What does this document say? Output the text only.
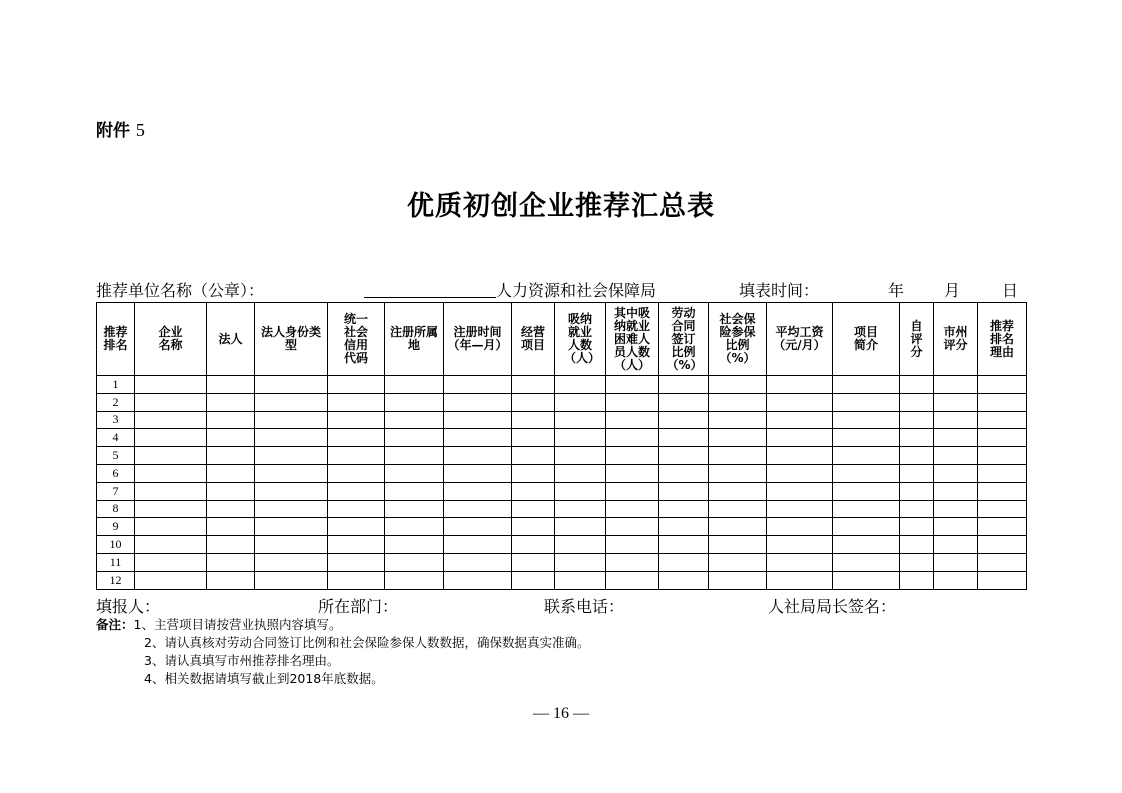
附件 5
优质初创企业推荐汇总表
推荐单位名称（公章）：	人力资源和社会保障局	填表时间：	年 月	日
推荐排名	企业名称	法人	法人身份类型	统一社会信用代码	注册所属地	注册时间（年—月）	经营项目	吸纳就业人数（人）	其中吸纳就业困难人员人数（人）	劳动合同签订比例（%）	社会保险参保比例（%）	平均工资（元/月）	项目简介	自评分	市州评分	推荐排名理由

1																
2																
3																
4																
5																
6																
7																
8																
9																
10																
11																
12																
填报人：	所在部门：	联系电话：	人社局局长签名：
备注：1、主营项目请按营业执照内容填写。
2、请认真核对劳动合同签订比例和社会保险参保人数数据，确保数据真实准确。
3、请认真填写市州推荐排名理由。
4、相关数据请填写截止到2018年底数据。
— 16 —
